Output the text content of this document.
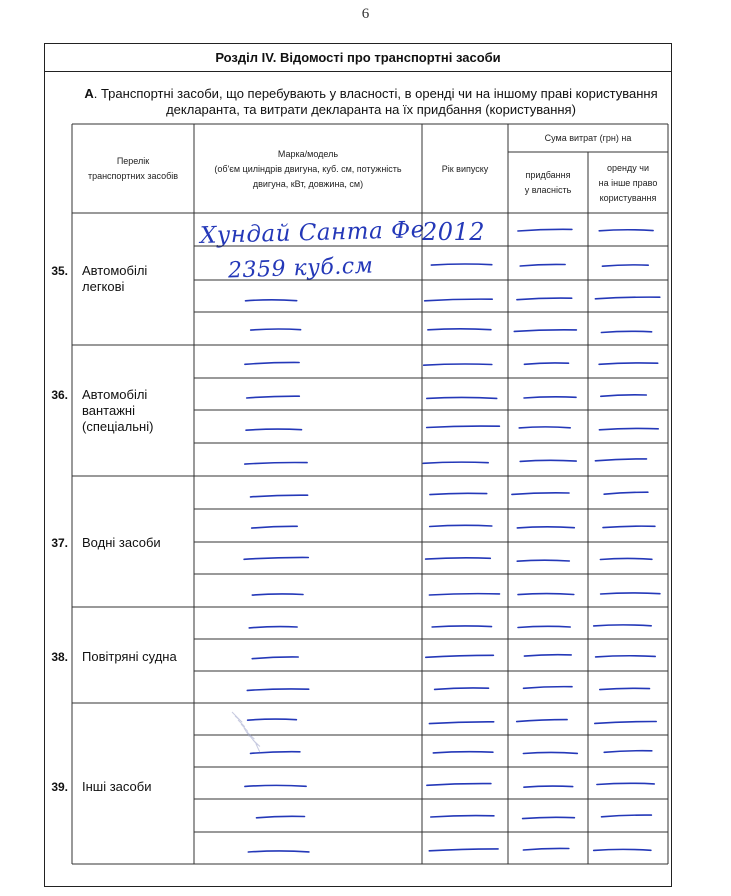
6
Розділ IV. Відомості про транспортні засоби
А. Транспортні засоби, що перебувають у власності, в оренді чи на іншому праві користування
декларанта, та витрати декларанта на їх придбання (користування)
Перелік
транспортних засобів
Марка/модель
(об'єм циліндрів двигуна, куб. см, потужність
двигуна, кВт, довжина, см)
Рік випуску
Сума витрат (грн) на
придбання
у власність
оренду чи
на інше право
користування
35. Автомобілі легкові
36. Автомобілі вантажні (спеціальні)
37. Водні засоби
38. Повітряні судна
39. Інші засоби
Хундай Санта Фе
2012
2359 куб.см
